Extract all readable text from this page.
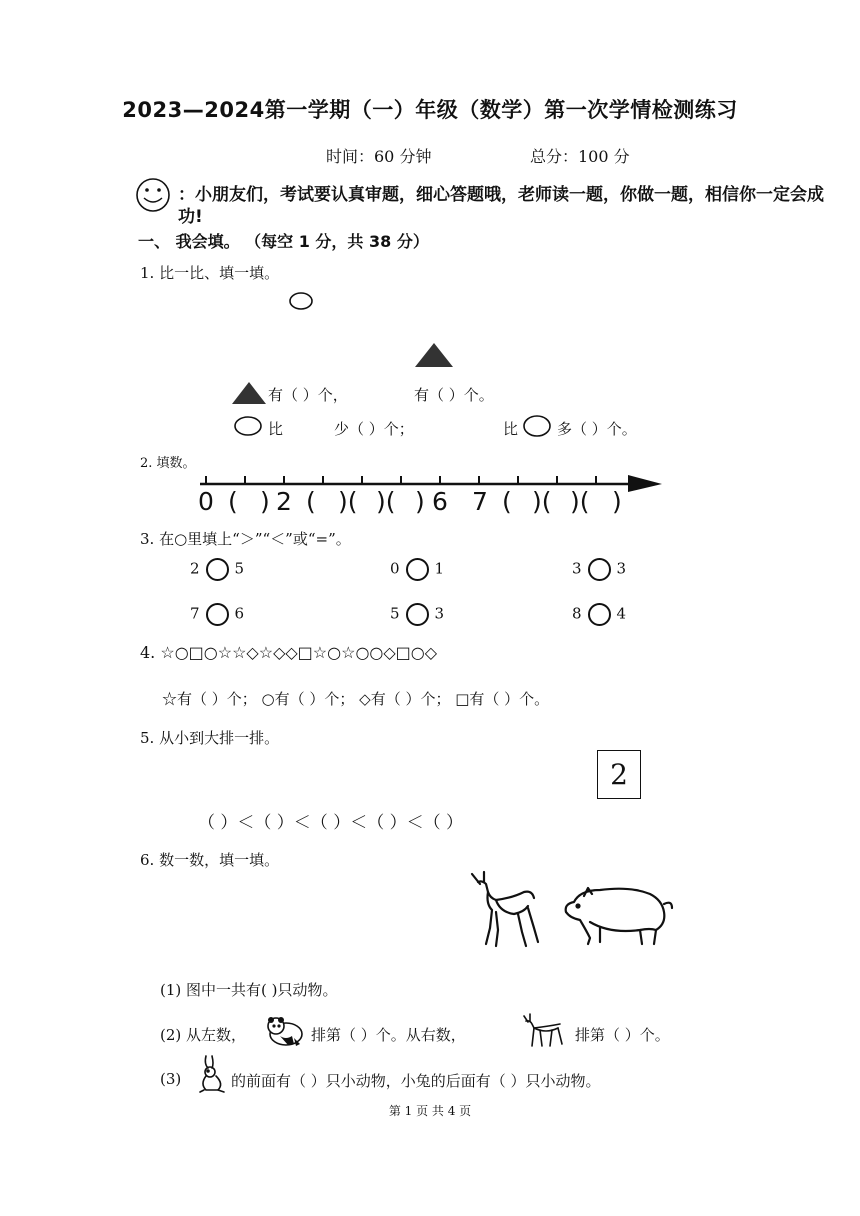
2023—2024第一学期（一）年级（数学）第一次学情检测练习
时间：60 分钟	总分：100 分
：小朋友们，考试要认真审题，细心答题哦，老师读一题，你做一题，相信你一定会成功!
一、 我会填。 （每空 1 分，共 38 分）
1. 比一比、填一填。
有（ ）个，	有（ ）个。
比	少（ ）个；	比	多（ ）个。
2. 填数。
0 ( ) 2 ( )( )( ) 6 7 ( )( )( )
3. 在○里填上“＞”“＜”或“=”。
2 5	0 1	3 3
7 6	5 3	8 4
4. ☆○□○☆☆◇☆◇◇□☆○☆○○◇□○◇
☆有（ ）个； ○有（ ）个； ◇有（ ）个； □有（ ）个。
5. 从小到大排一排。
2
（ ）＜（ ）＜（ ）＜（ ）＜（ ）
6. 数一数，填一填。
(1) 图中一共有( )只动物。
(2) 从左数，	排第（ ）个。从右数，	排第（ ）个。
(3)	的前面有（ ）只小动物，小兔的后面有（ ）只小动物。
第 1 页 共 4 页
